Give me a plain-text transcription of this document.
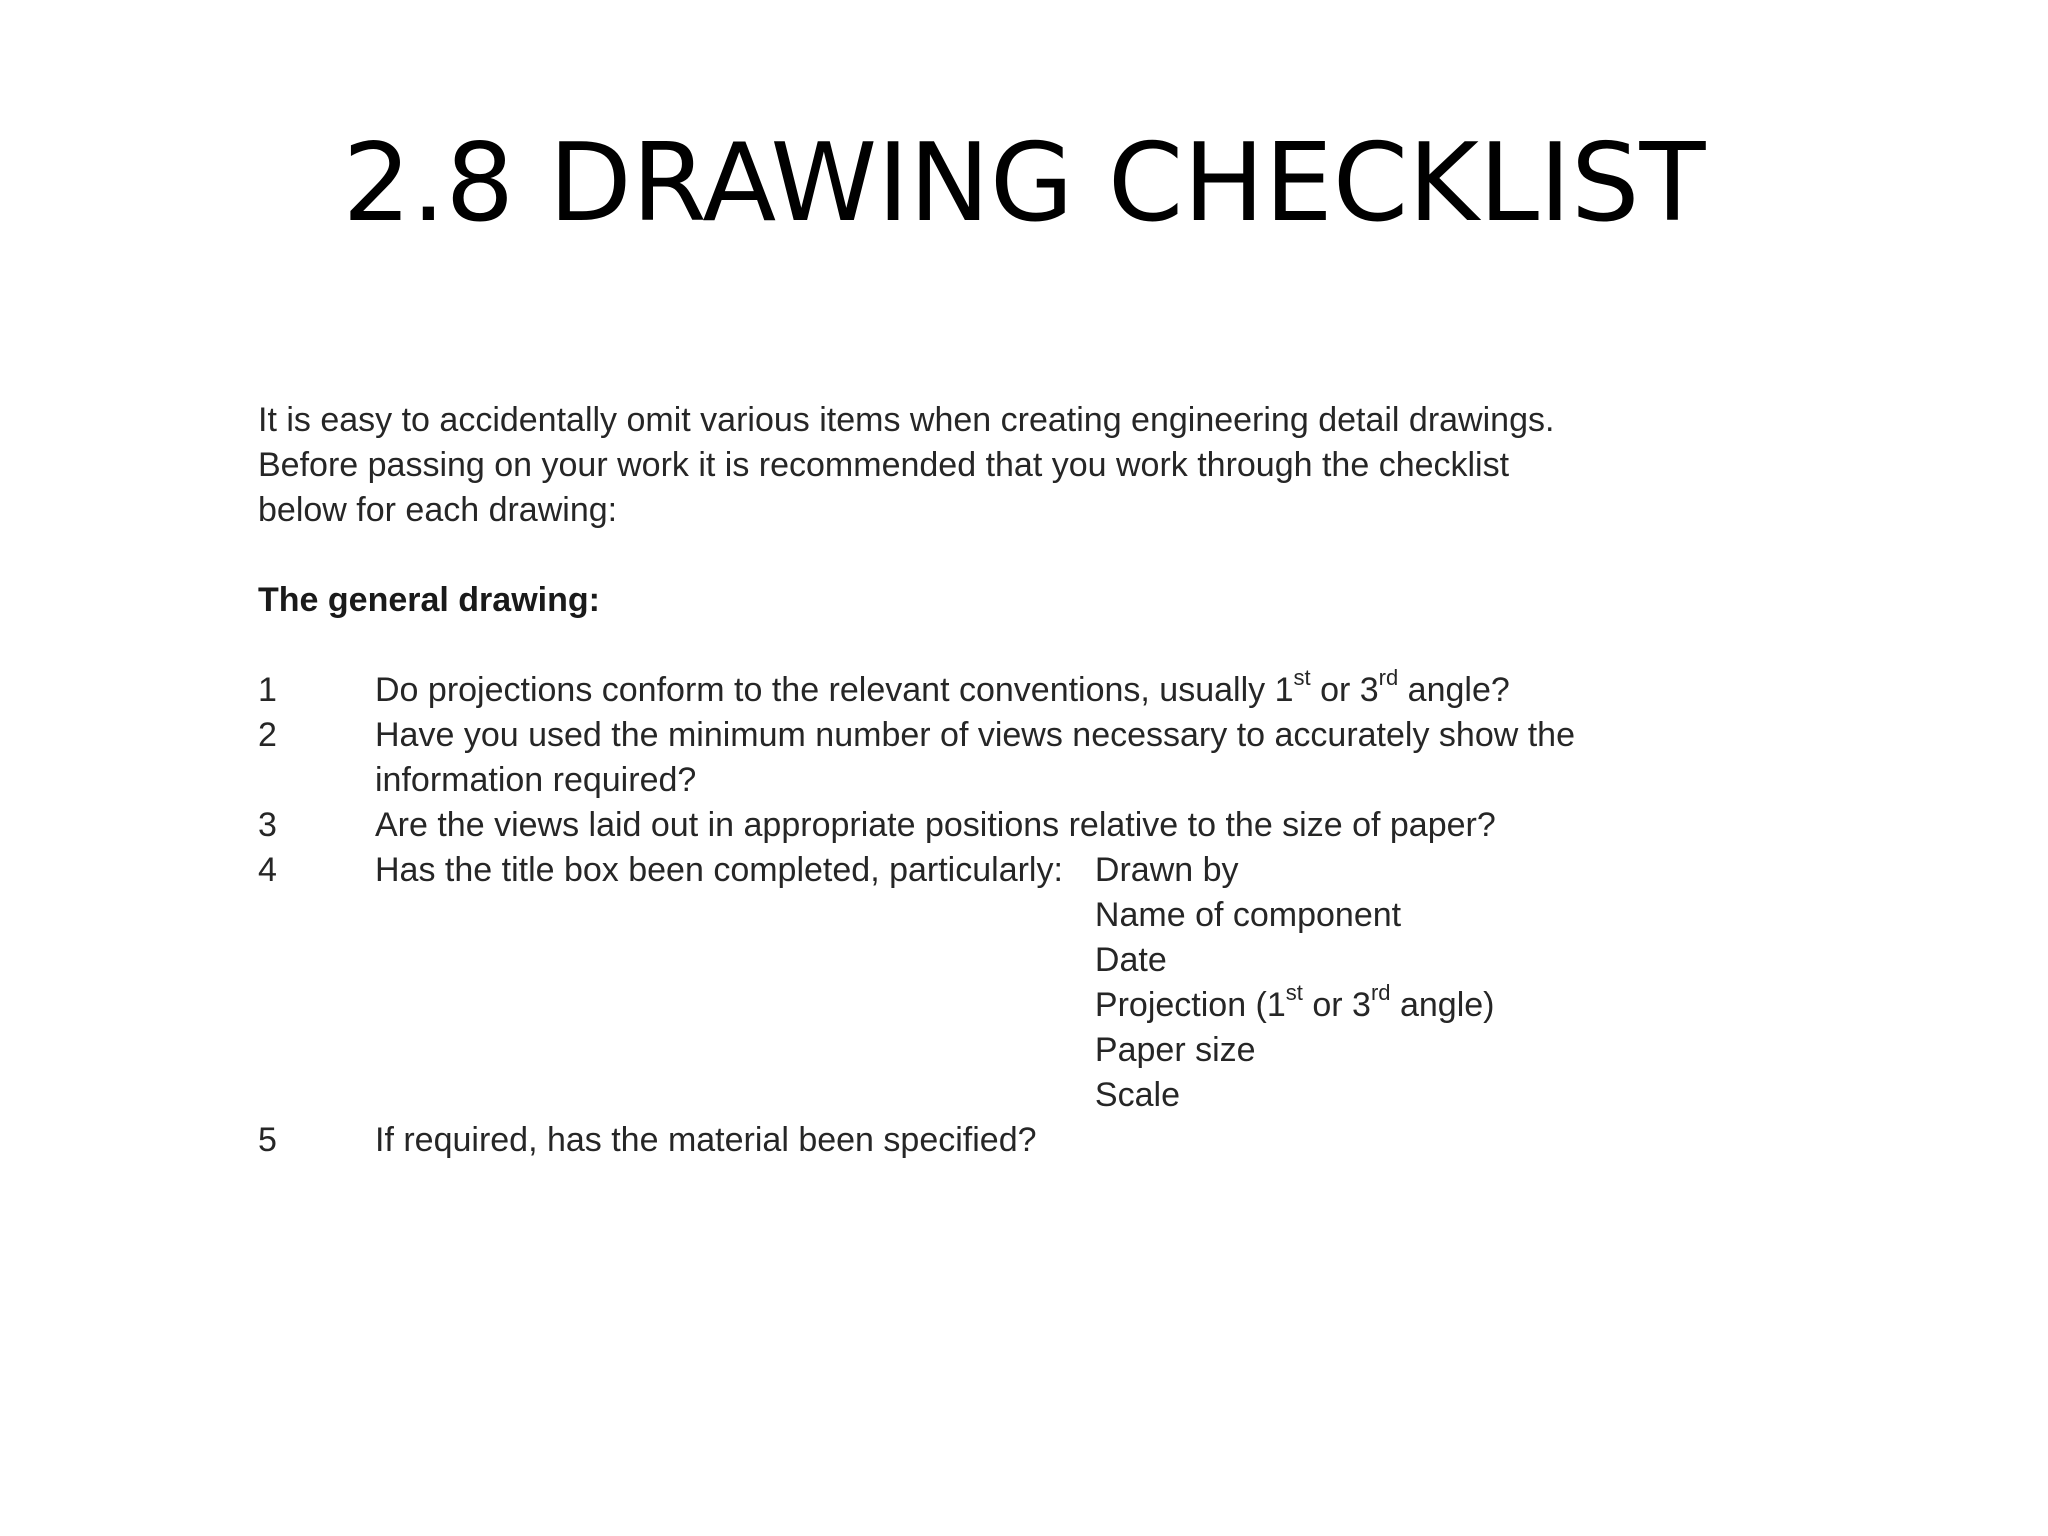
2.8 DRAWING CHECKLIST

It is easy to accidentally omit various items when creating engineering detail drawings.

Before passing on your work it is recommended that you work through the checklist

below for each drawing:

The general drawing:
1	Do projections conform to the relevant conventions, usually 1st or 3rd angle?
2	Have you used the minimum number of views necessary to accurately show the
information required?
3	Are the views laid out in appropriate positions relative to the size of paper?
4	Has the title box been completed, particularly: Drawn by
Name of component
Date
Projection (1st or 3rd angle)
Paper size
Scale
5	If required, has the material been specified?
